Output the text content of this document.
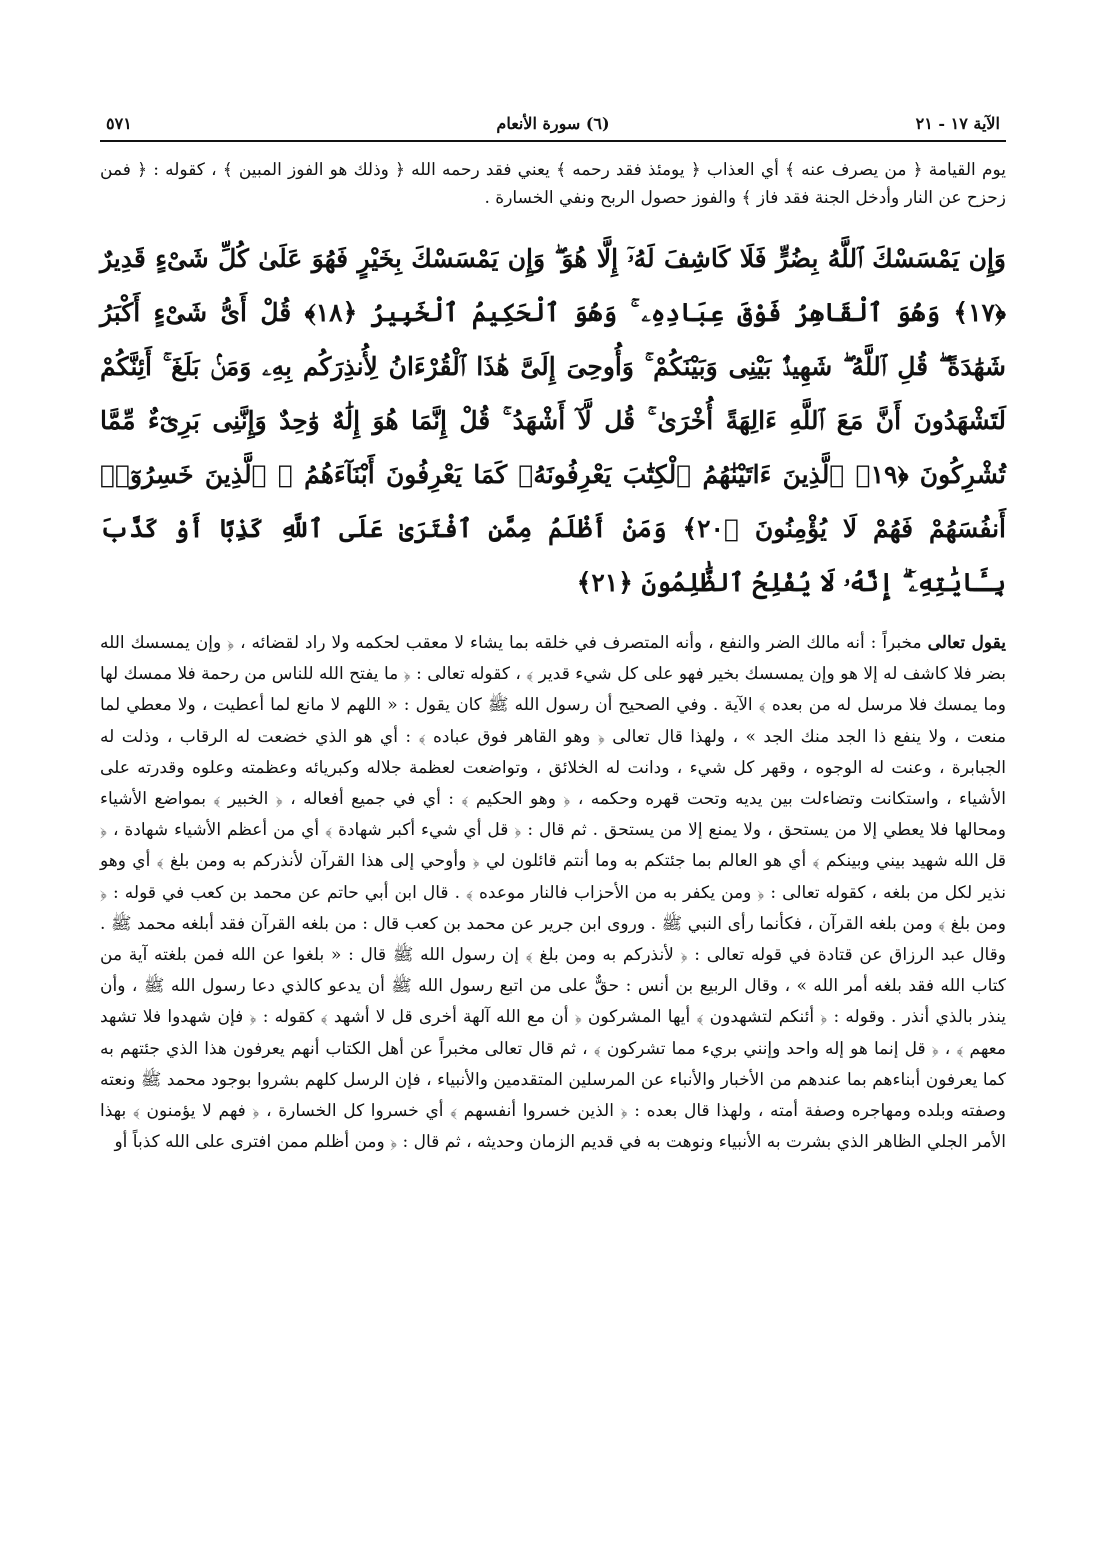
الآية ١٧ - ٢١
(٦) سورة الأنعام
٥٧١

يوم القيامة ﴿ من يصرف عنه ﴾ أي العذاب ﴿ يومئذ فقد رحمه ﴾ يعني فقد رحمه الله ﴿ وذلك هو الفوز المبين ﴾ ، كقوله : ﴿ فمن زحزح عن النار وأدخل الجنة فقد فاز ﴾ والفوز حصول الربح ونفي الخسارة .

وَإِن يَمْسَسْكَ ٱللَّهُ بِضُرٍّ فَلَا كَاشِفَ لَهُۥٓ إِلَّا هُوَ ۖ وَإِن يَمْسَسْكَ بِخَيْرٍ فَهُوَ عَلَىٰ كُلِّ شَىْءٍ قَدِيرٌ ﴿١٧﴾ وَهُوَ ٱلْقَاهِرُ فَوْقَ عِبَادِهِۦ ۚ وَهُوَ ٱلْحَكِيمُ ٱلْخَبِيرُ ﴿١٨﴾ قُلْ أَىُّ شَىْءٍ أَكْبَرُ شَهَٰدَةً ۖ قُلِ ٱللَّهُ ۖ شَهِيدٌۢ بَيْنِى وَبَيْنَكُمْ ۚ وَأُوحِىَ إِلَىَّ هَٰذَا ٱلْقُرْءَانُ لِأُنذِرَكُم بِهِۦ وَمَنۢ بَلَغَ ۚ أَئِنَّكُمْ لَتَشْهَدُونَ أَنَّ مَعَ ٱللَّهِ ءَالِهَةً أُخْرَىٰ ۚ قُل لَّآ أَشْهَدُ ۚ قُلْ إِنَّمَا هُوَ إِلَٰهٌ وَٰحِدٌ وَإِنَّنِى بَرِىٓءٌ مِّمَّا تُشْرِكُونَ ﴿١٩﴾ ٱلَّذِينَ ءَاتَيْنَٰهُمُ ٱلْكِتَٰبَ يَعْرِفُونَهُۥ كَمَا يَعْرِفُونَ أَبْنَآءَهُمُ ۘ ٱلَّذِينَ خَسِرُوٓا۟ أَنفُسَهُمْ فَهُمْ لَا يُؤْمِنُونَ ﴿٢٠﴾ وَمَنْ أَظْلَمُ مِمَّنِ ٱفْتَرَىٰ عَلَى ٱللَّهِ كَذِبًا أَوْ كَذَّبَ بِـَٔايَٰتِهِۦٓ ۗ إِنَّهُۥ لَا يُفْلِحُ ٱلظَّٰلِمُونَ ﴿٢١﴾

يقول تعالى مخبراً : أنه مالك الضر والنفع ، وأنه المتصرف في خلقه بما يشاء لا معقب لحكمه ولا راد لقضائه ، ﴿ وإن يمسسك الله بضر فلا كاشف له إلا هو وإن يمسسك بخير فهو على كل شيء قدير ﴾ ، كقوله تعالى : ﴿ ما يفتح الله للناس من رحمة فلا ممسك لها وما يمسك فلا مرسل له من بعده ﴾ الآية . وفي الصحيح أن رسول الله ﷺ كان يقول : « اللهم لا مانع لما أعطيت ، ولا معطي لما منعت ، ولا ينفع ذا الجد منك الجد » ، ولهذا قال تعالى ﴿ وهو القاهر فوق عباده ﴾ : أي هو الذي خضعت له الرقاب ، وذلت له الجبابرة ، وعنت له الوجوه ، وقهر كل شيء ، ودانت له الخلائق ، وتواضعت لعظمة جلاله وكبريائه وعظمته وعلوه وقدرته على الأشياء ، واستكانت وتضاءلت بين يديه وتحت قهره وحكمه ، ﴿ وهو الحكيم ﴾ : أي في جميع أفعاله ، ﴿ الخبير ﴾ بمواضع الأشياء ومحالها فلا يعطي إلا من يستحق ، ولا يمنع إلا من يستحق . ثم قال : ﴿ قل أي شيء أكبر شهادة ﴾ أي من أعظم الأشياء شهادة ، ﴿ قل الله شهيد بيني وبينكم ﴾ أي هو العالم بما جئتكم به وما أنتم قائلون لي ﴿ وأوحي إلى هذا القرآن لأنذركم به ومن بلغ ﴾ أي وهو نذير لكل من بلغه ، كقوله تعالى : ﴿ ومن يكفر به من الأحزاب فالنار موعده ﴾ . قال ابن أبي حاتم عن محمد بن كعب في قوله : ﴿ ومن بلغ ﴾ ومن بلغه القرآن ، فكأنما رأى النبي ﷺ . وروى ابن جرير عن محمد بن كعب قال : من بلغه القرآن فقد أبلغه محمد ﷺ . وقال عبد الرزاق عن قتادة في قوله تعالى : ﴿ لأنذركم به ومن بلغ ﴾ إن رسول الله ﷺ قال : « بلغوا عن الله فمن بلغته آية من كتاب الله فقد بلغه أمر الله » ، وقال الربيع بن أنس : حقٌّ على من اتبع رسول الله ﷺ أن يدعو كالذي دعا رسول الله ﷺ ، وأن ينذر بالذي أنذر . وقوله : ﴿ أئنكم لتشهدون ﴾ أيها المشركون ﴿ أن مع الله آلهة أخرى قل لا أشهد ﴾ كقوله : ﴿ فإن شهدوا فلا تشهد معهم ﴾ ، ﴿ قل إنما هو إله واحد وإنني بريء مما تشركون ﴾ ، ثم قال تعالى مخبراً عن أهل الكتاب أنهم يعرفون هذا الذي جئتهم به كما يعرفون أبناءهم بما عندهم من الأخبار والأنباء عن المرسلين المتقدمين والأنبياء ، فإن الرسل كلهم بشروا بوجود محمد ﷺ ونعته وصفته وبلده ومهاجره وصفة أمته ، ولهذا قال بعده : ﴿ الذين خسروا أنفسهم ﴾ أي خسروا كل الخسارة ، ﴿ فهم لا يؤمنون ﴾ بهذا الأمر الجلي الظاهر الذي بشرت به الأنبياء ونوهت به في قديم الزمان وحديثه ، ثم قال : ﴿ ومن أظلم ممن افترى على الله كذباً أو
